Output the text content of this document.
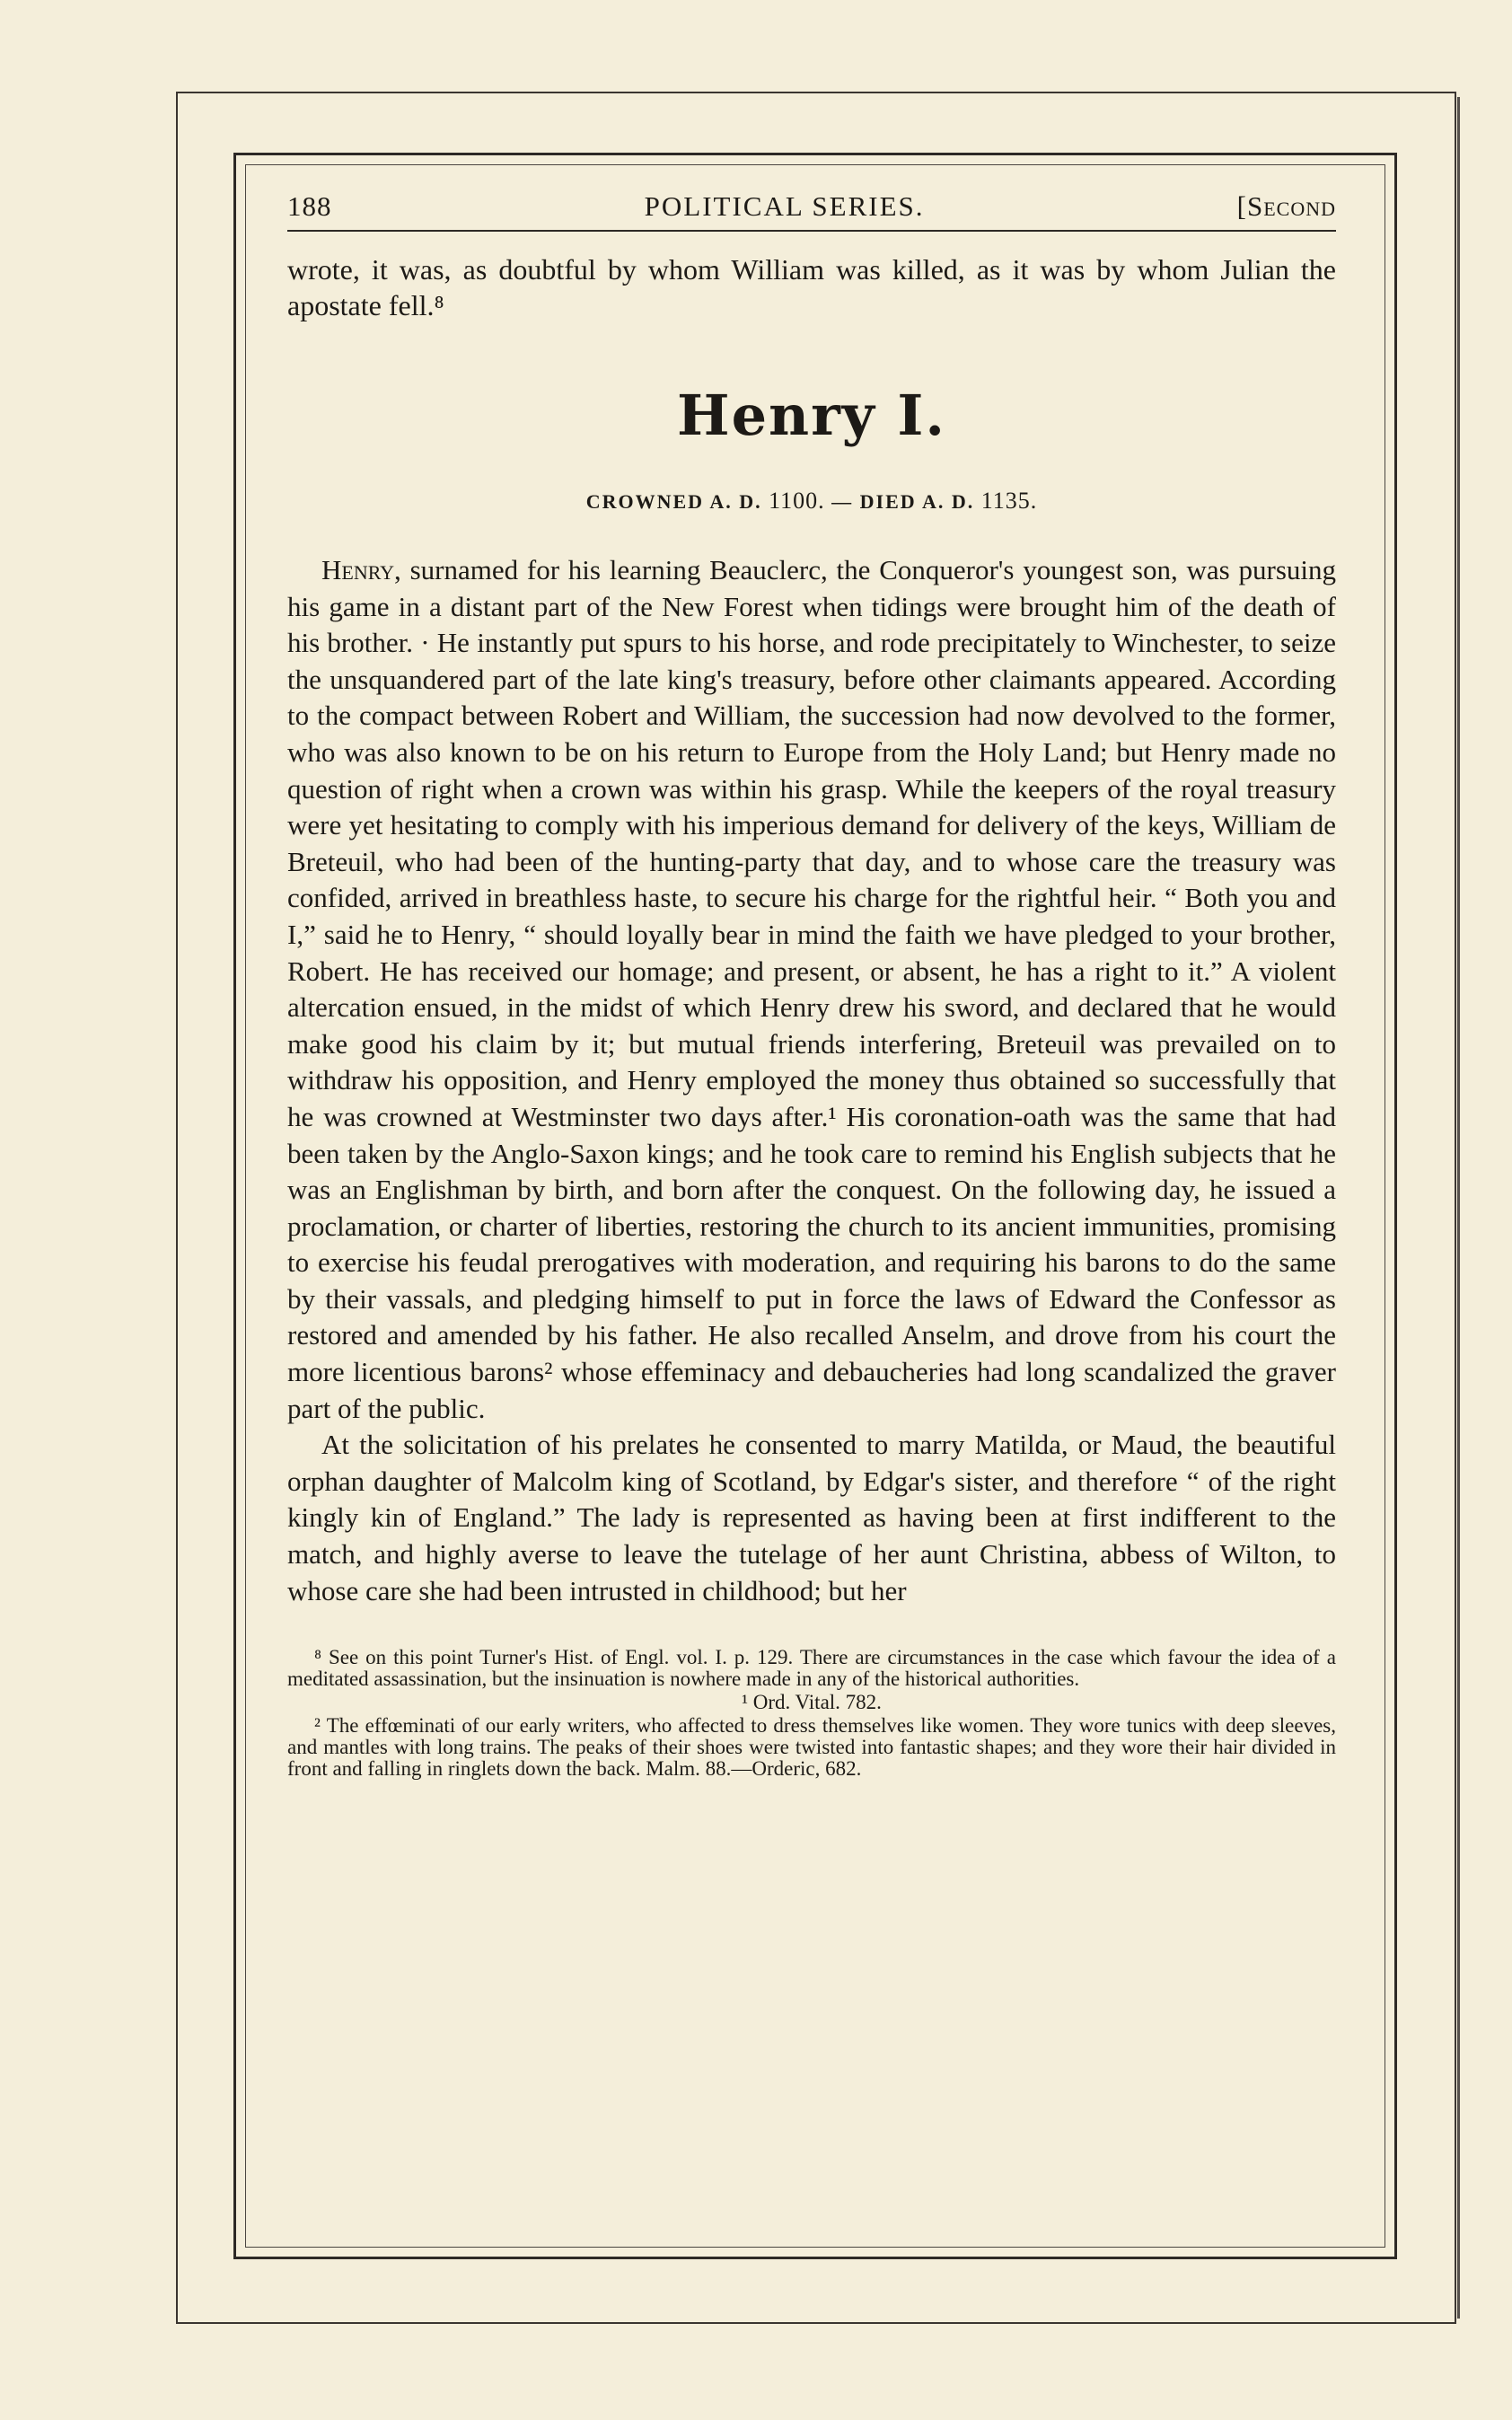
188	POLITICAL SERIES.	[Second

wrote, it was, as doubtful by whom William was killed, as it was by whom Julian the apostate fell.⁸

Henry I.
CROWNED A. D. 1100. — DIED A. D. 1135.

Henry, surnamed for his learning Beauclerc, the Conqueror's youngest son, was pursuing his game in a distant part of the New Forest when tidings were brought him of the death of his brother. · He instantly put spurs to his horse, and rode precipitately to Winchester, to seize the unsquandered part of the late king's treasury, before other claimants appeared. According to the compact between Robert and William, the succession had now devolved to the former, who was also known to be on his return to Europe from the Holy Land; but Henry made no question of right when a crown was within his grasp. While the keepers of the royal treasury were yet hesitating to comply with his imperious demand for delivery of the keys, William de Breteuil, who had been of the hunting-party that day, and to whose care the treasury was confided, arrived in breathless haste, to secure his charge for the rightful heir. “ Both you and I,” said he to Henry, “ should loyally bear in mind the faith we have pledged to your brother, Robert. He has received our homage; and present, or absent, he has a right to it.” A violent altercation ensued, in the midst of which Henry drew his sword, and declared that he would make good his claim by it; but mutual friends interfering, Breteuil was prevailed on to withdraw his opposition, and Henry employed the money thus obtained so successfully that he was crowned at Westminster two days after.¹ His coronation-oath was the same that had been taken by the Anglo-Saxon kings; and he took care to remind his English subjects that he was an Englishman by birth, and born after the conquest. On the following day, he issued a proclamation, or charter of liberties, restoring the church to its ancient immunities, promising to exercise his feudal prerogatives with moderation, and requiring his barons to do the same by their vassals, and pledging himself to put in force the laws of Edward the Confessor as restored and amended by his father. He also recalled Anselm, and drove from his court the more licentious barons² whose effeminacy and debaucheries had long scandalized the graver part of the public.

At the solicitation of his prelates he consented to marry Matilda, or Maud, the beautiful orphan daughter of Malcolm king of Scotland, by Edgar's sister, and therefore “ of the right kingly kin of England.” The lady is represented as having been at first indifferent to the match, and highly averse to leave the tutelage of her aunt Christina, abbess of Wilton, to whose care she had been intrusted in childhood; but her

⁸ See on this point Turner's Hist. of Engl. vol. I. p. 129. There are circumstances in the case which favour the idea of a meditated assassination, but the insinuation is nowhere made in any of the historical authorities.

¹ Ord. Vital. 782.

² The effœminati of our early writers, who affected to dress themselves like women. They wore tunics with deep sleeves, and mantles with long trains. The peaks of their shoes were twisted into fantastic shapes; and they wore their hair divided in front and falling in ringlets down the back. Malm. 88.—Orderic, 682.
